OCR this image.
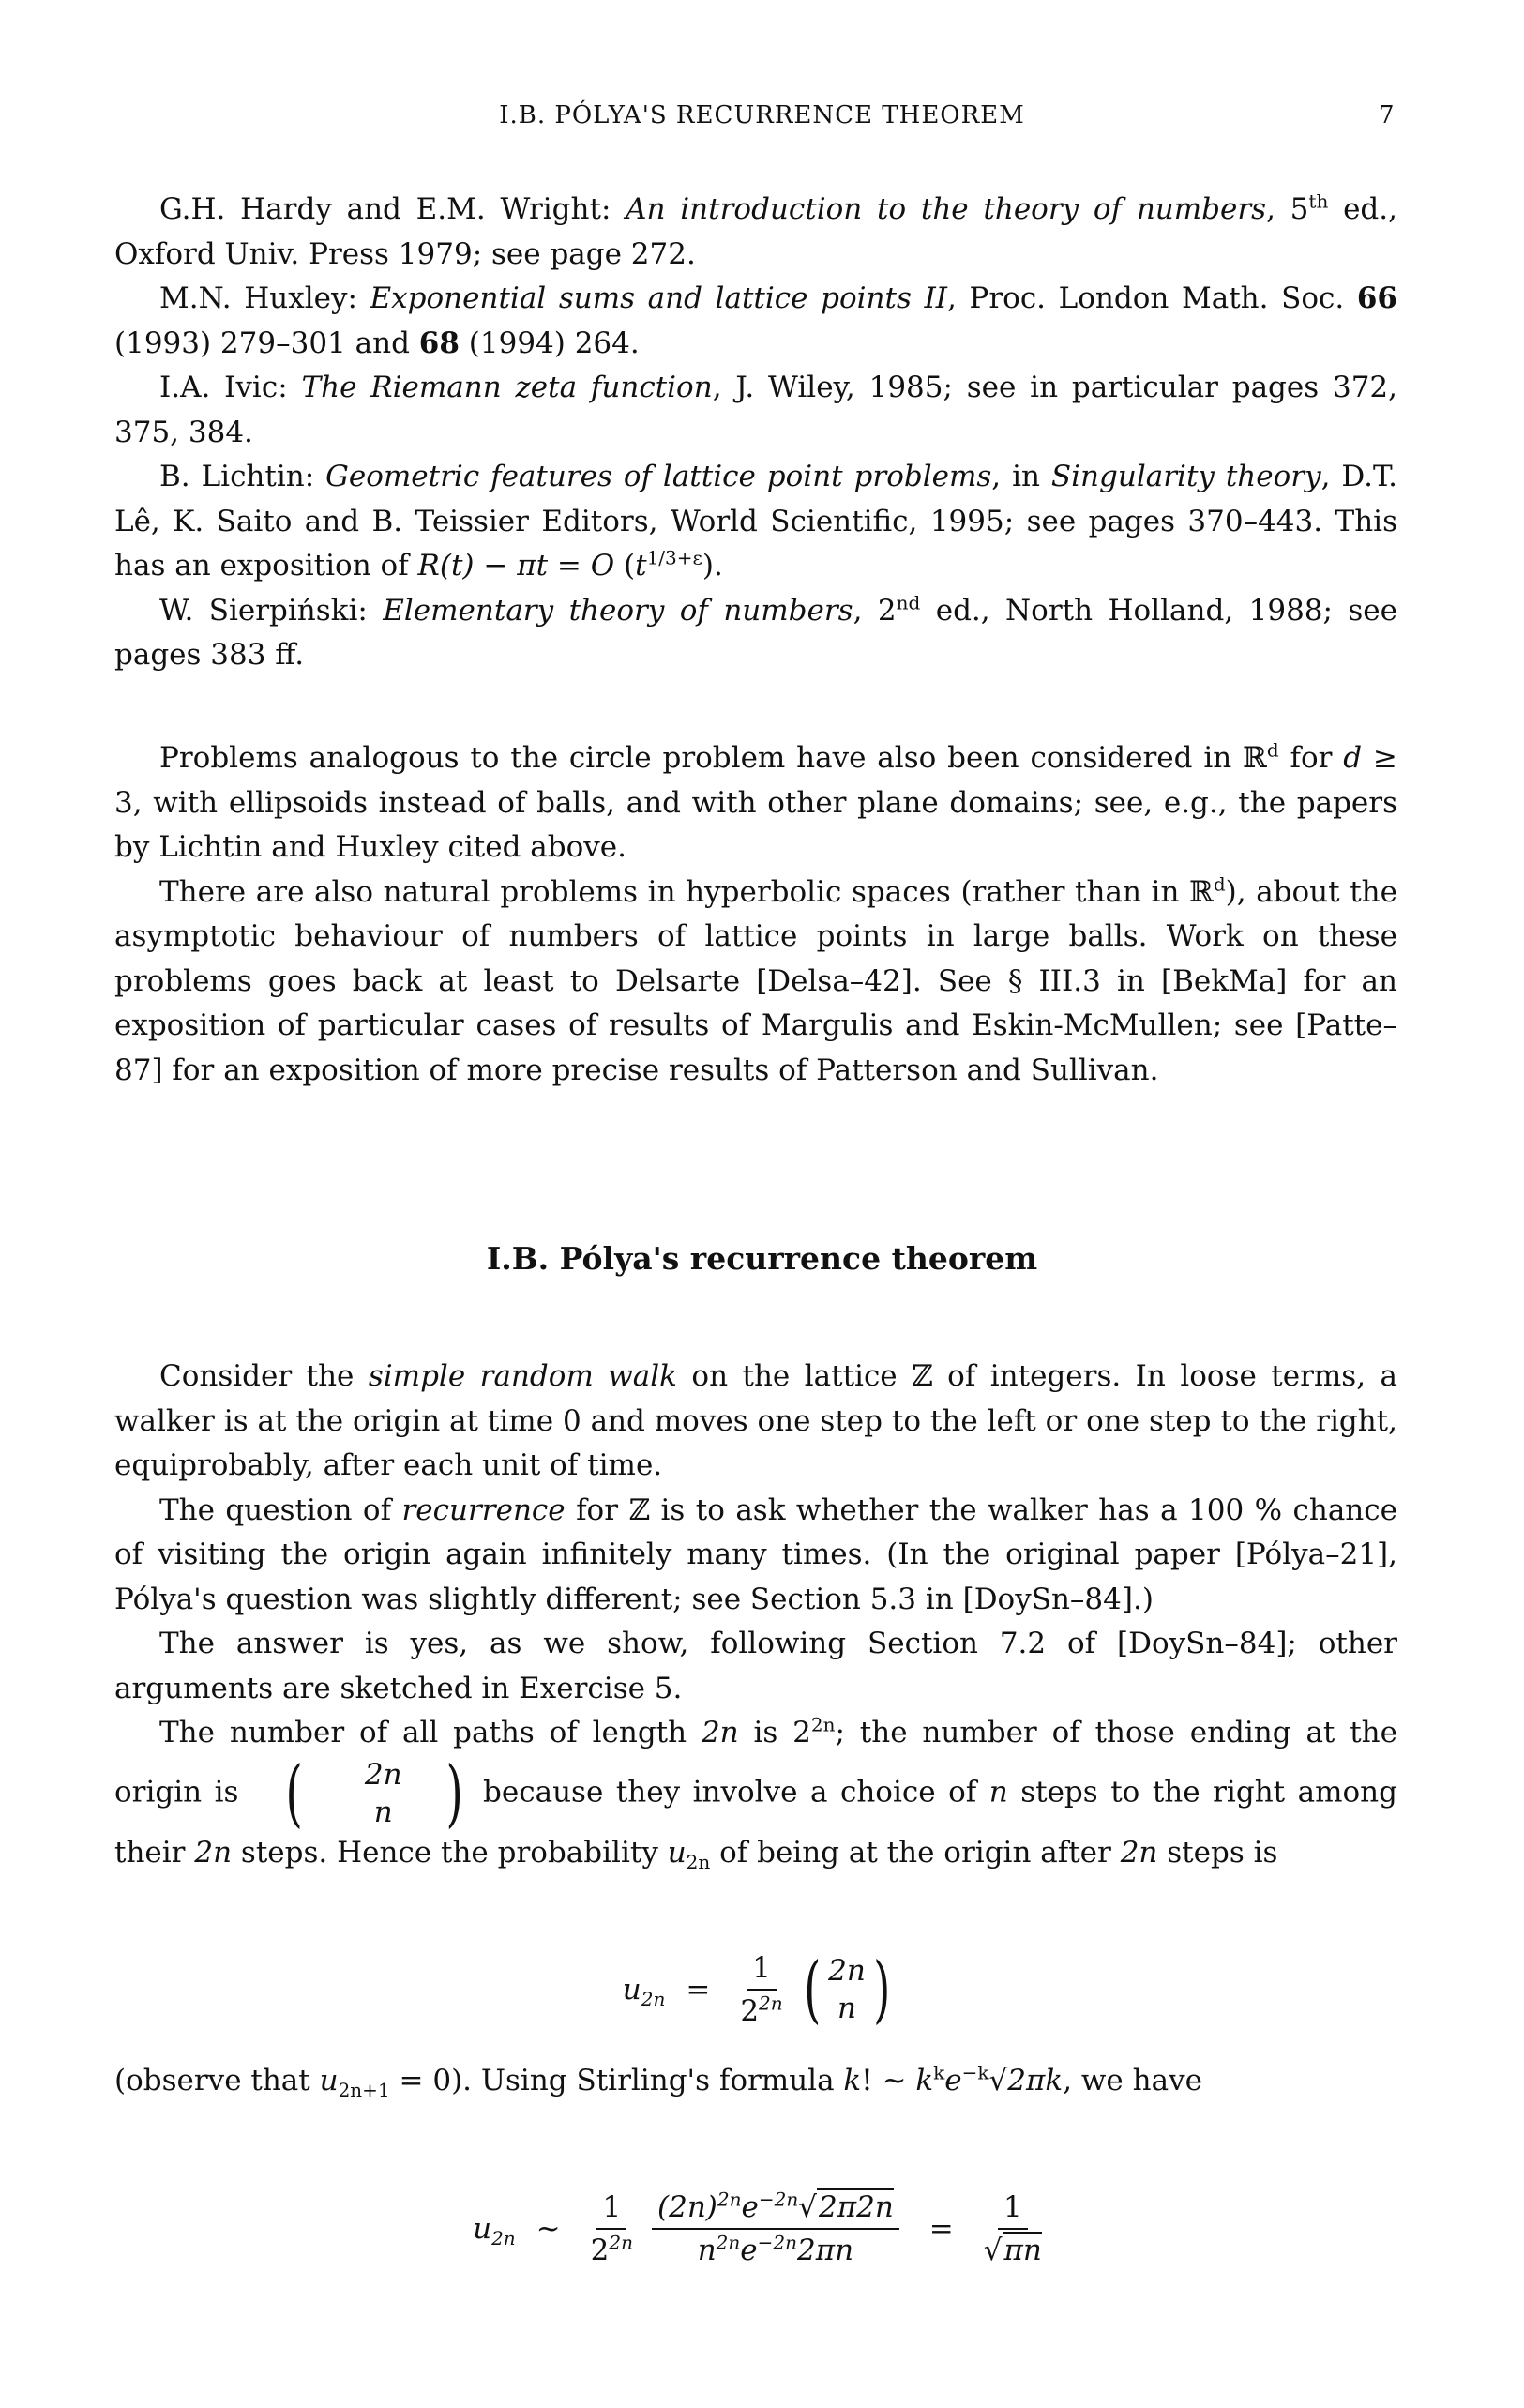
I.B. PÓLYA'S RECURRENCE THEOREM	7

G.H. Hardy and E.M. Wright: An introduction to the theory of numbers, 5th ed., Oxford Univ. Press 1979; see page 272.

M.N. Huxley: Exponential sums and lattice points II, Proc. London Math. Soc. 66 (1993) 279–301 and 68 (1994) 264.

I.A. Ivic: The Riemann zeta function, J. Wiley, 1985; see in particular pages 372, 375, 384.

B. Lichtin: Geometric features of lattice point problems, in Singularity theory, D.T. Lê, K. Saito and B. Teissier Editors, World Scientific, 1995; see pages 370–443. This has an exposition of R(t) − πt = O $(t^{1/3+\varepsilon})$.

W. Sierpiński: Elementary theory of numbers, 2nd ed., North Holland, 1988; see pages 383 ff.

Problems analogous to the circle problem have also been considered in ℝ$^d$ for d ≥ 3, with ellipsoids instead of balls, and with other plane domains; see, e.g., the papers by Lichtin and Huxley cited above.

There are also natural problems in hyperbolic spaces (rather than in ℝ$^d$), about the asymptotic behaviour of numbers of lattice points in large balls. Work on these problems goes back at least to Delsarte [Delsa–42]. See § III.3 in [BekMa] for an exposition of particular cases of results of Margulis and Eskin-McMullen; see [Patte–87] for an exposition of more precise results of Patterson and Sullivan.

I.B. Pólya's recurrence theorem

Consider the simple random walk on the lattice ℤ of integers. In loose terms, a walker is at the origin at time 0 and moves one step to the left or one step to the right, equiprobably, after each unit of time.

The question of recurrence for ℤ is to ask whether the walker has a 100 % chance of visiting the origin again infinitely many times. (In the original paper [Pólya–21], Pólya's question was slightly different; see Section 5.3 in [DoySn–84].)

The answer is yes, as we show, following Section 7.2 of [DoySn–84]; other arguments are sketched in Exercise 5.

The number of all paths of length 2n is $2^{2n}$; the number of those ending at the origin is (	2n
n ) because they involve a choice of n steps to the right among their 2n steps. Hence the probability $u_{2n}$ of being at the origin after 2n steps is

$u_{2n} = \frac{1}{2^{2n}}$ ( 2n
n )

(observe that $u_{2n+1} = 0$). Using Stirling's formula k! ~ $k^ke^{-k}√2\pi k$, we have

$u_{2n}$ ~ $\frac{1}{2^{2n}} \frac{(2n)^{2n}e^{-2n}√2\pi 2n}{n^{2n}e^{-2n}2\pi n} = \frac{1}{√\pi n}$
